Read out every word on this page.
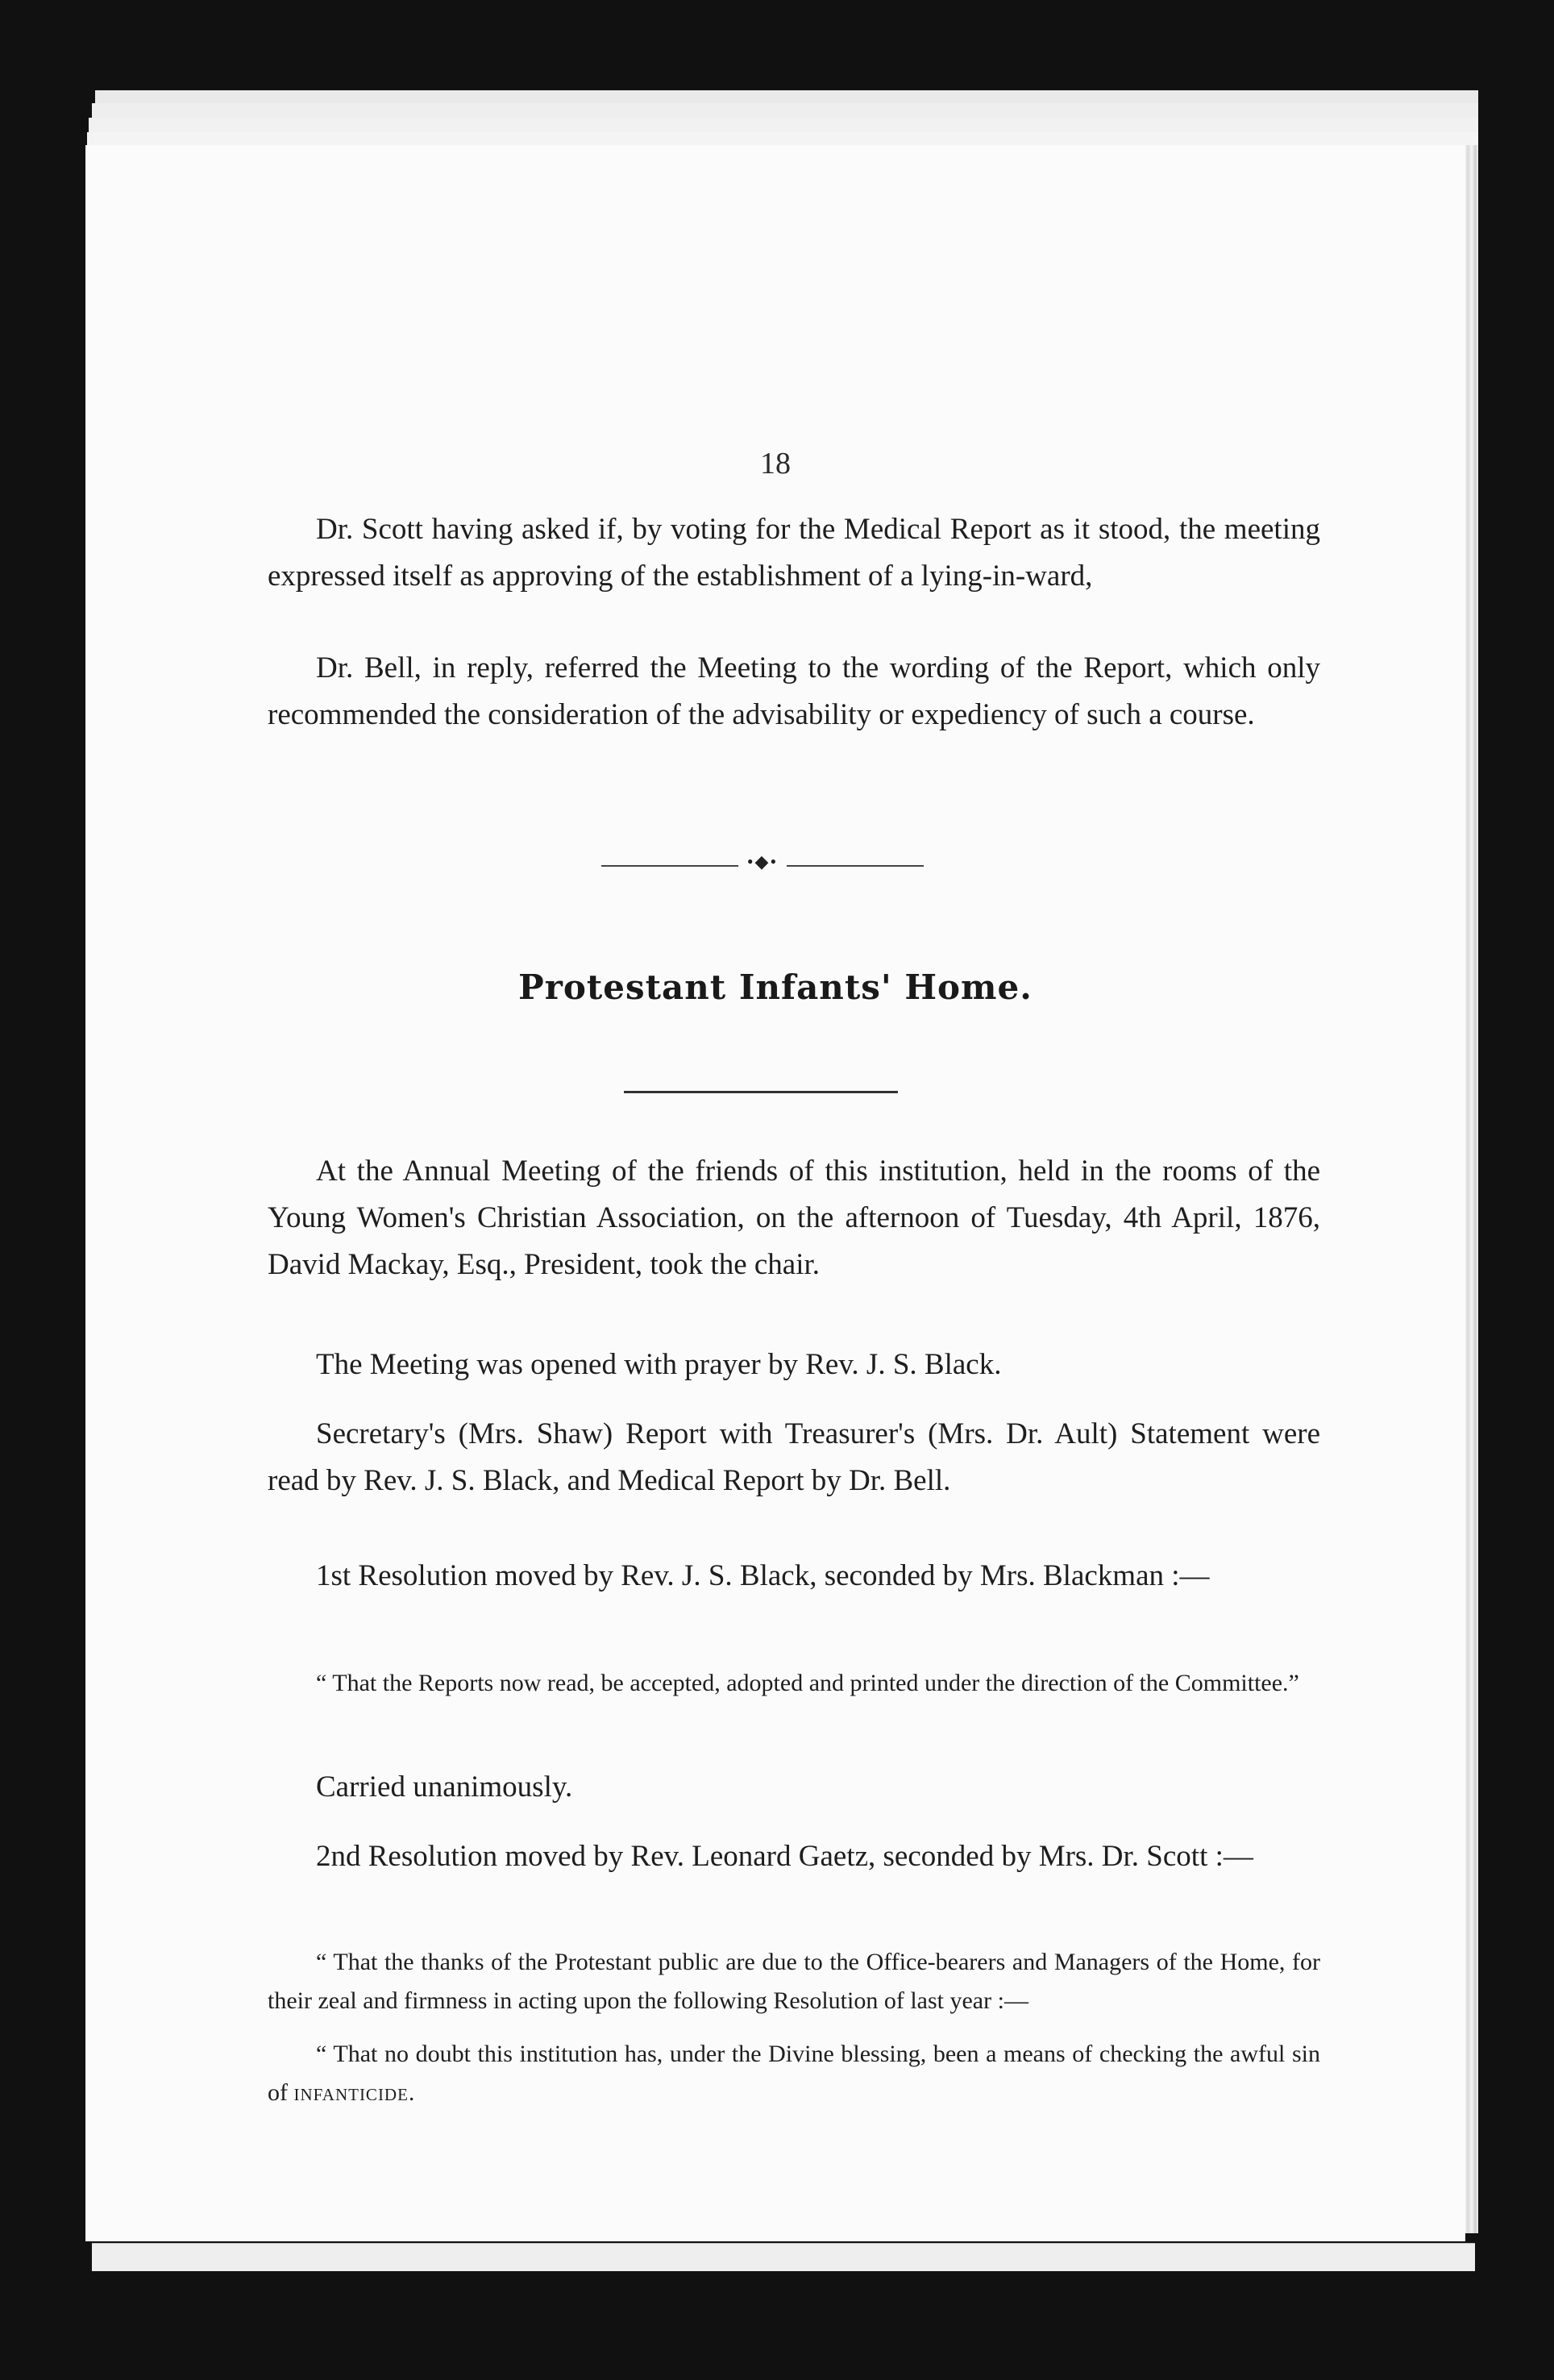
18

Dr. Scott having asked if, by voting for the Medical Report as it stood, the meeting expressed itself as approving of the establishment of a lying-in-ward,

Dr. Bell, in reply, referred the Meeting to the wording of the Report, which only recommended the consideration of the advisability or expediency of such a course.

•◆•
Protestant Infants' Home.

At the Annual Meeting of the friends of this institution, held in the rooms of the Young Women's Christian Association, on the afternoon of Tuesday, 4th April, 1876, David Mackay, Esq., President, took the chair.

The Meeting was opened with prayer by Rev. J. S. Black.

Secretary's (Mrs. Shaw) Report with Treasurer's (Mrs. Dr. Ault) Statement were read by Rev. J. S. Black, and Medical Report by Dr. Bell.

1st Resolution moved by Rev. J. S. Black, seconded by Mrs. Blackman :—

“ That the Reports now read, be accepted, adopted and printed under the direction of the Committee.”

Carried unanimously.

2nd Resolution moved by Rev. Leonard Gaetz, seconded by Mrs. Dr. Scott :—

“ That the thanks of the Protestant public are due to the Office-bearers and Managers of the Home, for their zeal and firmness in acting upon the following Resolution of last year :—

“ That no doubt this institution has, under the Divine blessing, been a means of checking the awful sin of infanticide.
